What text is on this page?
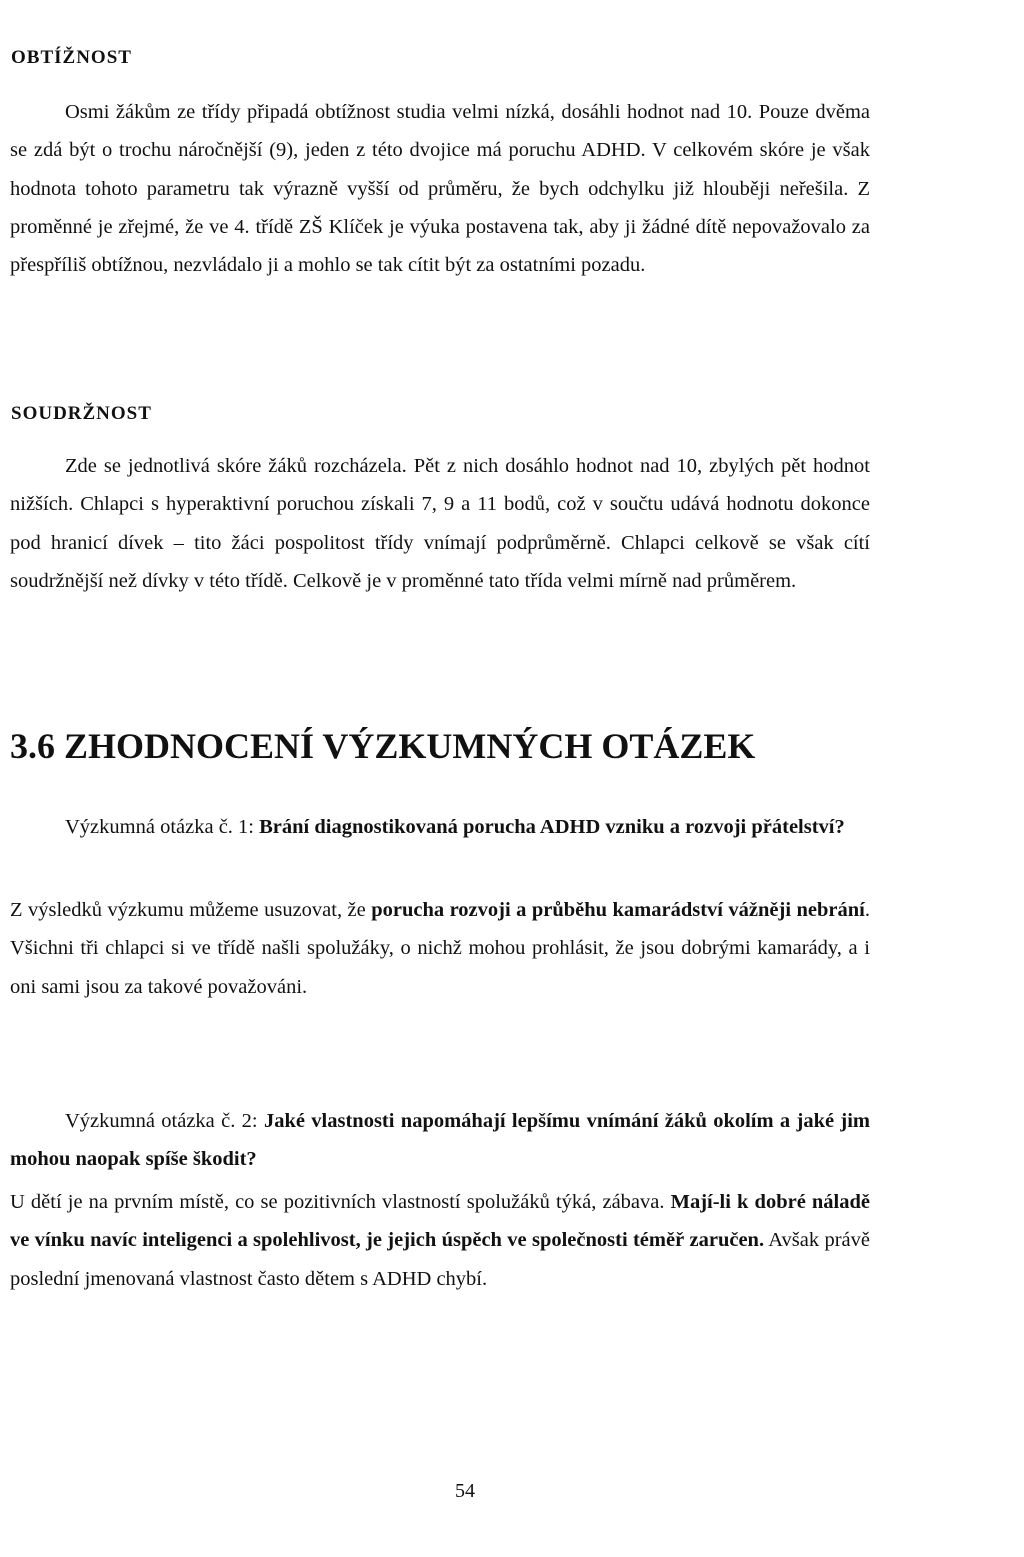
OBTÍŽNOST

Osmi žákům ze třídy připadá obtížnost studia velmi nízká, dosáhli hodnot nad 10. Pouze dvěma se zdá být o trochu náročnější (9), jeden z této dvojice má poruchu ADHD. V celkovém skóre je však hodnota tohoto parametru tak výrazně vyšší od průměru, že bych odchylku již hlouběji neřešila. Z proměnné je zřejmé, že ve 4. třídě ZŠ Klíček je výuka postavena tak, aby ji žádné dítě nepovažovalo za přespříliš obtížnou, nezvládalo ji a mohlo se tak cítit být za ostatními pozadu.

SOUDRŽNOST

Zde se jednotlivá skóre žáků rozcházela. Pět z nich dosáhlo hodnot nad 10, zbylých pět hodnot nižších. Chlapci s hyperaktivní poruchou získali 7, 9 a 11 bodů, což v součtu udává hodnotu dokonce pod hranicí dívek – tito žáci pospolitost třídy vnímají podprůměrně. Chlapci celkově se však cítí soudržnější než dívky v této třídě. Celkově je v proměnné tato třída velmi mírně nad průměrem.

3.6 ZHODNOCENÍ VÝZKUMNÝCH OTÁZEK

Výzkumná otázka č. 1: Brání diagnostikovaná porucha ADHD vzniku a rozvoji přátelství?

Z výsledků výzkumu můžeme usuzovat, že porucha rozvoji a průběhu kamarádství vážněji nebrání. Všichni tři chlapci si ve třídě našli spolužáky, o nichž mohou prohlásit, že jsou dobrými kamarády, a i oni sami jsou za takové považováni.

Výzkumná otázka č. 2: Jaké vlastnosti napomáhají lepšímu vnímání žáků okolím a jaké jim mohou naopak spíše škodit?

U dětí je na prvním místě, co se pozitivních vlastností spolužáků týká, zábava. Mají-li k dobré náladě ve vínku navíc inteligenci a spolehlivost, je jejich úspěch ve společnosti téměř zaručen. Avšak právě poslední jmenovaná vlastnost často dětem s ADHD chybí.

54
